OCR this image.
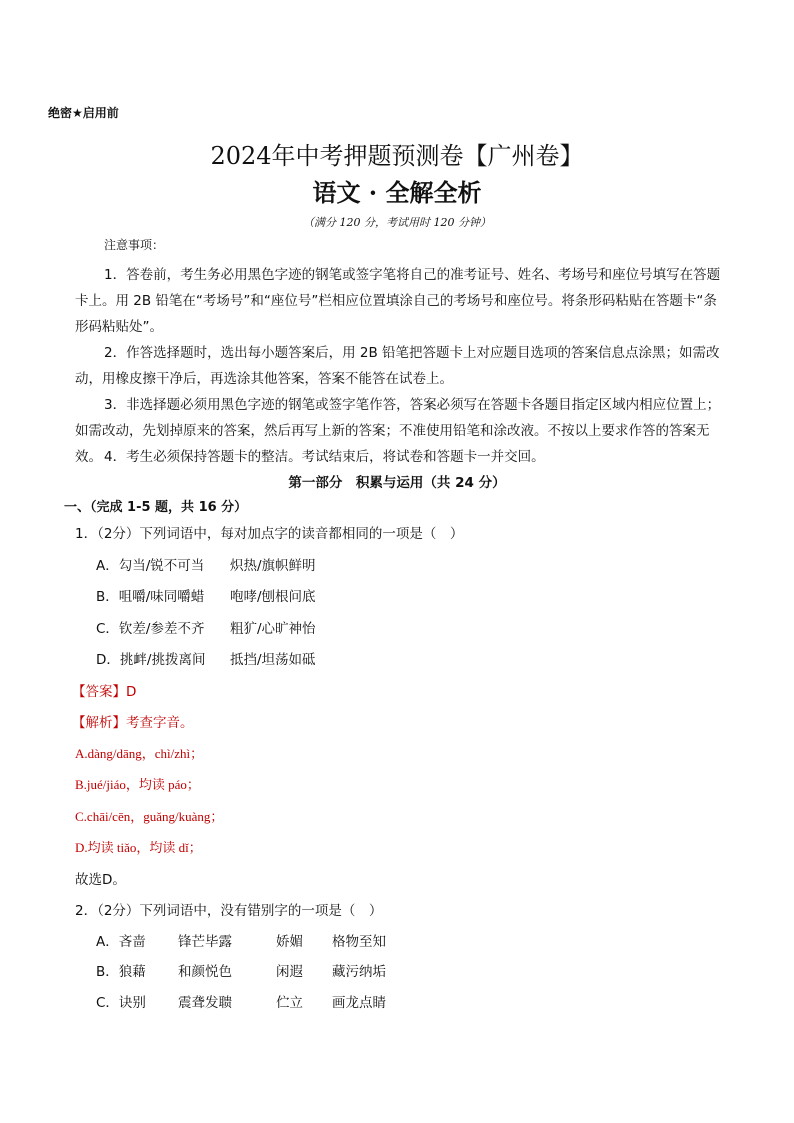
绝密★启用前
2024年中考押题预测卷【广州卷】
语文 · 全解全析
（满分 120 分，考试用时 120 分钟）
注意事项：
1．答卷前，考生务必用黑色字迹的钢笔或签字笔将自己的准考证号、姓名、考场号和座位号填写在答题卡上。用 2B 铅笔在“考场号”和“座位号”栏相应位置填涂自己的考场号和座位号。将条形码粘贴在答题卡“条形码粘贴处”。
2．作答选择题时，选出每小题答案后，用 2B 铅笔把答题卡上对应题目选项的答案信息点涂黑；如需改动，用橡皮擦干净后，再选涂其他答案，答案不能答在试卷上。
3．非选择题必须用黑色字迹的钢笔或签字笔作答，答案必须写在答题卡各题目指定区域内相应位置上；如需改动，先划掉原来的答案，然后再写上新的答案；不准使用铅笔和涂改液。不按以上要求作答的答案无效。 4．考生必须保持答题卡的整洁。考试结束后，将试卷和答题卡一并交回。
第一部分　积累与运用（共 24 分）
一、（完成 1-5 题，共 16 分）
1．（2分）下列词语中，每对加点字的读音都相同的一项是（　）
A．勾当/锐不可当 炽热/旗帜鲜明
B．咀嚼/味同嚼蜡 咆哮/刨根问底
C．钦差/参差不齐 粗犷/心旷神怡
D．挑衅/挑拨离间 抵挡/坦荡如砥
【答案】D
【解析】考查字音。
A.dàng/dāng，chì/zhì；
B.jué/jiáo，均读 páo；
C.chāi/cēn，guǎng/kuàng；
D.均读 tiǎo，均读 dǐ；
故选D。
2．（2分）下列词语中，没有错别字的一项是（　）
A．吝啬 锋芒毕露	娇媚 格物至知
B．狼藉 和颜悦色	闲遐 藏污纳垢
C．诀别 震聋发聩	伫立 画龙点睛
